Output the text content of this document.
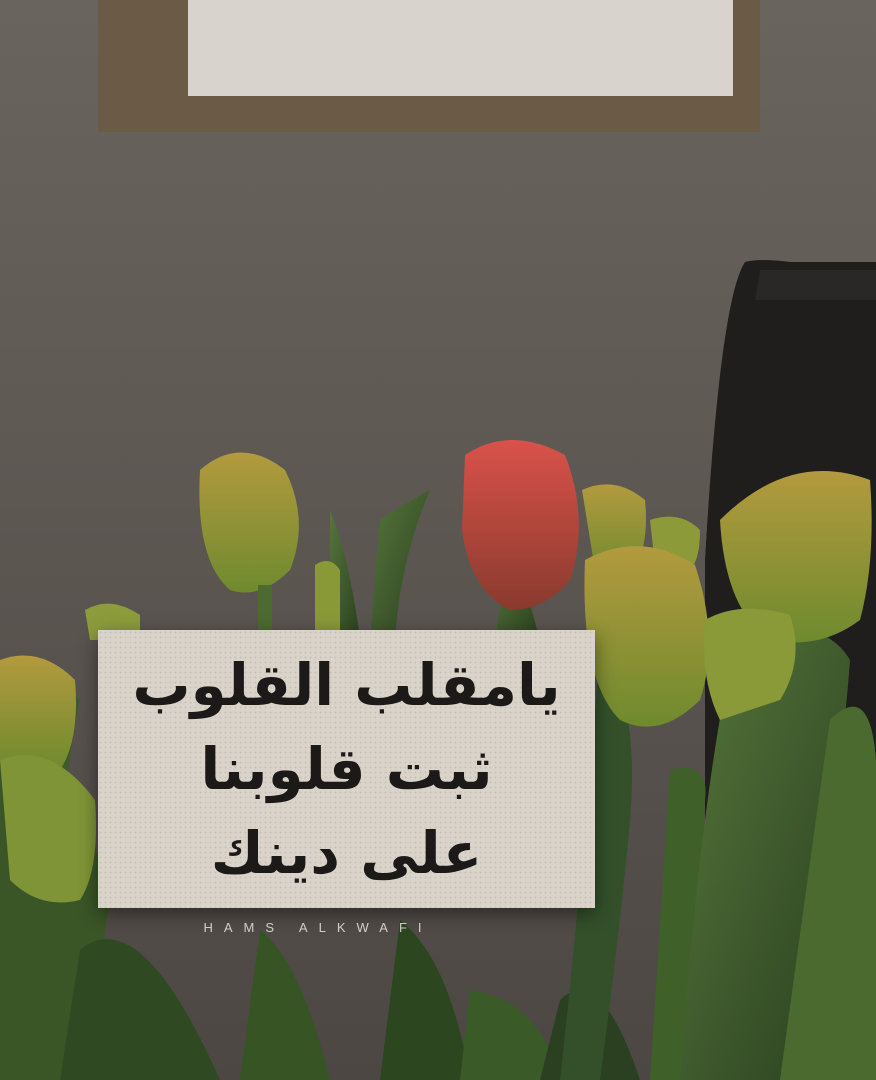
يامقلب القلوب
ثبت قلوبنا
على دينك
HAMS ALKWAFI
